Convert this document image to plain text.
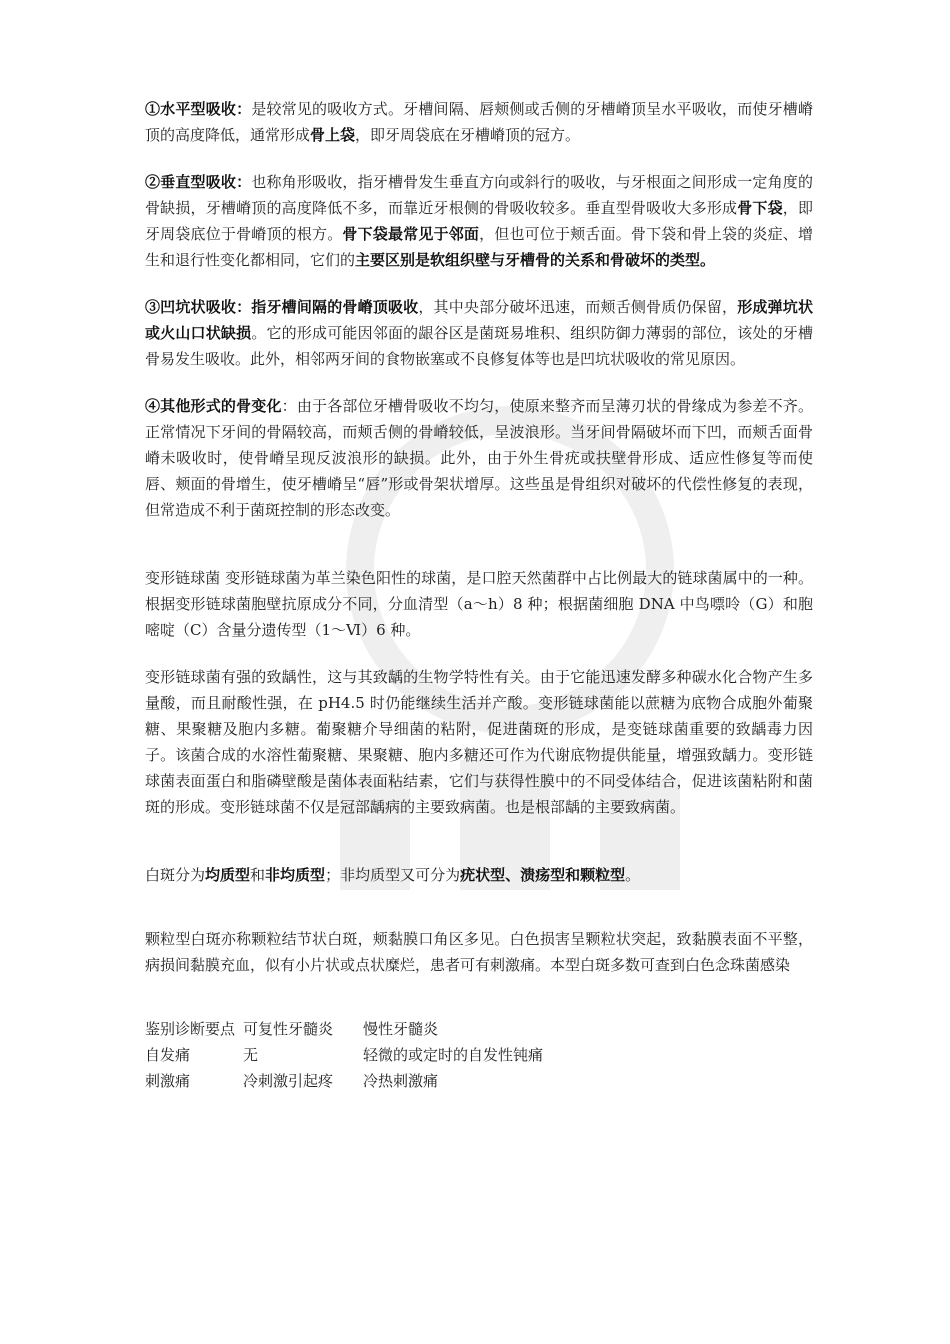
①水平型吸收：是较常见的吸收方式。牙槽间隔、唇颊侧或舌侧的牙槽嵴顶呈水平吸收，而使牙槽嵴顶的高度降低，通常形成骨上袋，即牙周袋底在牙槽嵴顶的冠方。

②垂直型吸收：也称角形吸收，指牙槽骨发生垂直方向或斜行的吸收，与牙根面之间形成一定角度的骨缺损，牙槽嵴顶的高度降低不多，而靠近牙根侧的骨吸收较多。垂直型骨吸收大多形成骨下袋，即牙周袋底位于骨嵴顶的根方。骨下袋最常见于邻面，但也可位于颊舌面。骨下袋和骨上袋的炎症、增生和退行性变化都相同，它们的主要区别是软组织壁与牙槽骨的关系和骨破坏的类型。

③凹坑状吸收：指牙槽间隔的骨嵴顶吸收，其中央部分破坏迅速，而颊舌侧骨质仍保留，形成弹坑状或火山口状缺损。它的形成可能因邻面的龈谷区是菌斑易堆积、组织防御力薄弱的部位，该处的牙槽骨易发生吸收。此外，相邻两牙间的食物嵌塞或不良修复体等也是凹坑状吸收的常见原因。

④其他形式的骨变化：由于各部位牙槽骨吸收不均匀，使原来整齐而呈薄刃状的骨缘成为参差不齐。正常情况下牙间的骨隔较高，而颊舌侧的骨嵴较低，呈波浪形。当牙间骨隔破坏而下凹，而颊舌面骨嵴未吸收时，使骨嵴呈现反波浪形的缺损。此外，由于外生骨疣或扶壁骨形成、适应性修复等而使唇、颊面的骨增生，使牙槽嵴呈“唇”形或骨架状增厚。这些虽是骨组织对破坏的代偿性修复的表现，但常造成不利于菌斑控制的形态改变。

变形链球菌 变形链球菌为革兰染色阳性的球菌，是口腔天然菌群中占比例最大的链球菌属中的一种。根据变形链球菌胞壁抗原成分不同，分血清型（a～h）8 种；根据菌细胞 DNA 中鸟嘌呤（G）和胞嘧啶（C）含量分遗传型（1～Ⅵ）6 种。

变形链球菌有强的致龋性，这与其致龋的生物学特性有关。由于它能迅速发酵多种碳水化合物产生多量酸，而且耐酸性强，在 pH4.5 时仍能继续生活并产酸。变形链球菌能以蔗糖为底物合成胞外葡聚糖、果聚糖及胞内多糖。葡聚糖介导细菌的粘附，促进菌斑的形成，是变链球菌重要的致龋毒力因子。该菌合成的水溶性葡聚糖、果聚糖、胞内多糖还可作为代谢底物提供能量，增强致龋力。变形链球菌表面蛋白和脂磷壁酸是菌体表面粘结素，它们与获得性膜中的不同受体结合，促进该菌粘附和菌斑的形成。变形链球菌不仅是冠部龋病的主要致病菌。也是根部龋的主要致病菌。

白斑分为均质型和非均质型；非均质型又可分为疣状型、溃疡型和颗粒型。

颗粒型白斑亦称颗粒结节状白斑，颊黏膜口角区多见。白色损害呈颗粒状突起，致黏膜表面不平整，病损间黏膜充血，似有小片状或点状糜烂，患者可有刺激痛。本型白斑多数可查到白色念珠菌感染

鉴别诊断要点	可复性牙髓炎	慢性牙髓炎
自发痛	无	轻微的或定时的自发性钝痛
刺激痛	冷刺激引起疼	冷热刺激痛
